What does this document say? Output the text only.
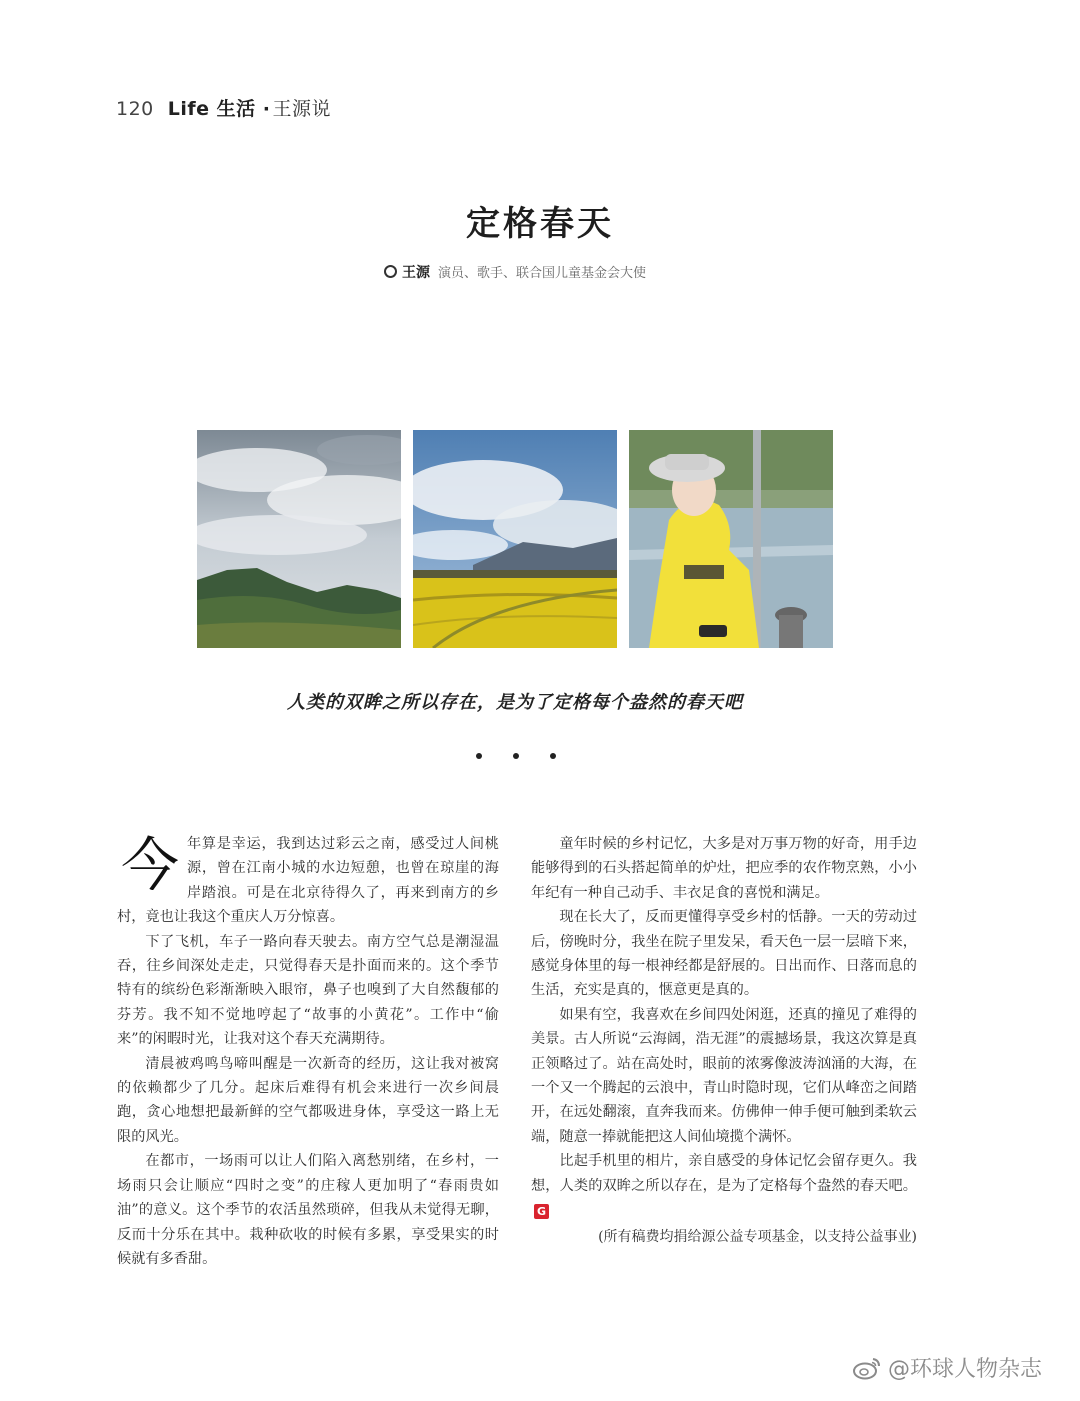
120 Life 生活 · 王源说
定格春天
王源 演员、歌手、联合国儿童基金会大使
人类的双眸之所以存在，是为了定格每个盎然的春天吧

今年算是幸运，我到达过彩云之南，感受过人间桃源，曾在江南小城的水边短憩，也曾在琼崖的海岸踏浪。可是在北京待得久了，再来到南方的乡村，竟也让我这个重庆人万分惊喜。

下了飞机，车子一路向春天驶去。南方空气总是潮湿温吞，往乡间深处走走，只觉得春天是扑面而来的。这个季节特有的缤纷色彩渐渐映入眼帘，鼻子也嗅到了大自然馥郁的芬芳。我不知不觉地哼起了“故事的小黄花”。工作中“偷来”的闲暇时光，让我对这个春天充满期待。

清晨被鸡鸣鸟啼叫醒是一次新奇的经历，这让我对被窝的依赖都少了几分。起床后难得有机会来进行一次乡间晨跑，贪心地想把最新鲜的空气都吸进身体，享受这一路上无限的风光。

在都市，一场雨可以让人们陷入离愁别绪，在乡村，一场雨只会让顺应“四时之变”的庄稼人更加明了“春雨贵如油”的意义。这个季节的农活虽然琐碎，但我从未觉得无聊，反而十分乐在其中。栽种砍收的时候有多累，享受果实的时候就有多香甜。

童年时候的乡村记忆，大多是对万事万物的好奇，用手边能够得到的石头搭起简单的炉灶，把应季的农作物烹熟，小小年纪有一种自己动手、丰衣足食的喜悦和满足。

现在长大了，反而更懂得享受乡村的恬静。一天的劳动过后，傍晚时分，我坐在院子里发呆，看天色一层一层暗下来，感觉身体里的每一根神经都是舒展的。日出而作、日落而息的生活，充实是真的，惬意更是真的。

如果有空，我喜欢在乡间四处闲逛，还真的撞见了难得的美景。古人所说“云海阔，浩无涯”的震撼场景，我这次算是真正领略过了。站在高处时，眼前的浓雾像波涛汹涌的大海，在一个又一个腾起的云浪中，青山时隐时现，它们从峰峦之间踏开，在远处翻滚，直奔我而来。仿佛伸一伸手便可触到柔软云端，随意一捧就能把这人间仙境揽个满怀。

比起手机里的相片，亲自感受的身体记忆会留存更久。我想，人类的双眸之所以存在，是为了定格每个盎然的春天吧。G

(所有稿费均捐给源公益专项基金，以支持公益事业)
@环球人物杂志
